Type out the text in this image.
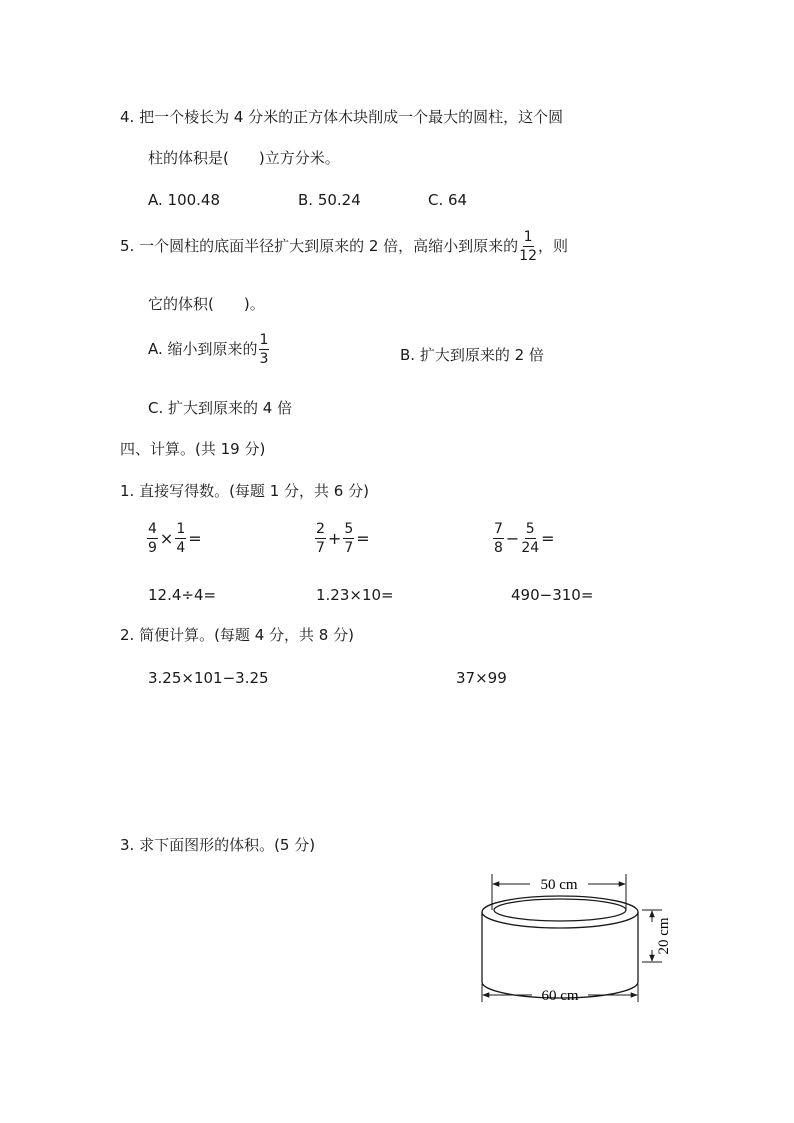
4. 把一个棱长为 4 分米的正方体木块削成一个最大的圆柱，这个圆
柱的体积是(　　)立方分米。
A. 100.48	B. 50.24	C. 64
5. 一个圆柱的底面半径扩大到原来的 2 倍，高缩小到原来的 $\frac{1}{12}$ ，则
它的体积(　　)。
A. 缩小到原来的 $\frac{1}{3}$	B. 扩大到原来的 2 倍
C. 扩大到原来的 4 倍
四、计算。(共 19 分)
1. 直接写得数。(每题 1 分，共 6 分)
$\frac{4}{9} \times \frac{1}{4}$ =	$\frac{2}{7} + \frac{5}{7}$ =	$\frac{7}{8} - \frac{5}{24}$ =
12.4÷4=	1.23×10=	490−310=
2. 简便计算。(每题 4 分，共 8 分)
3.25×101−3.25	37×99
3. 求下面图形的体积。(5 分)
50 cm
60 cm
20 cm
